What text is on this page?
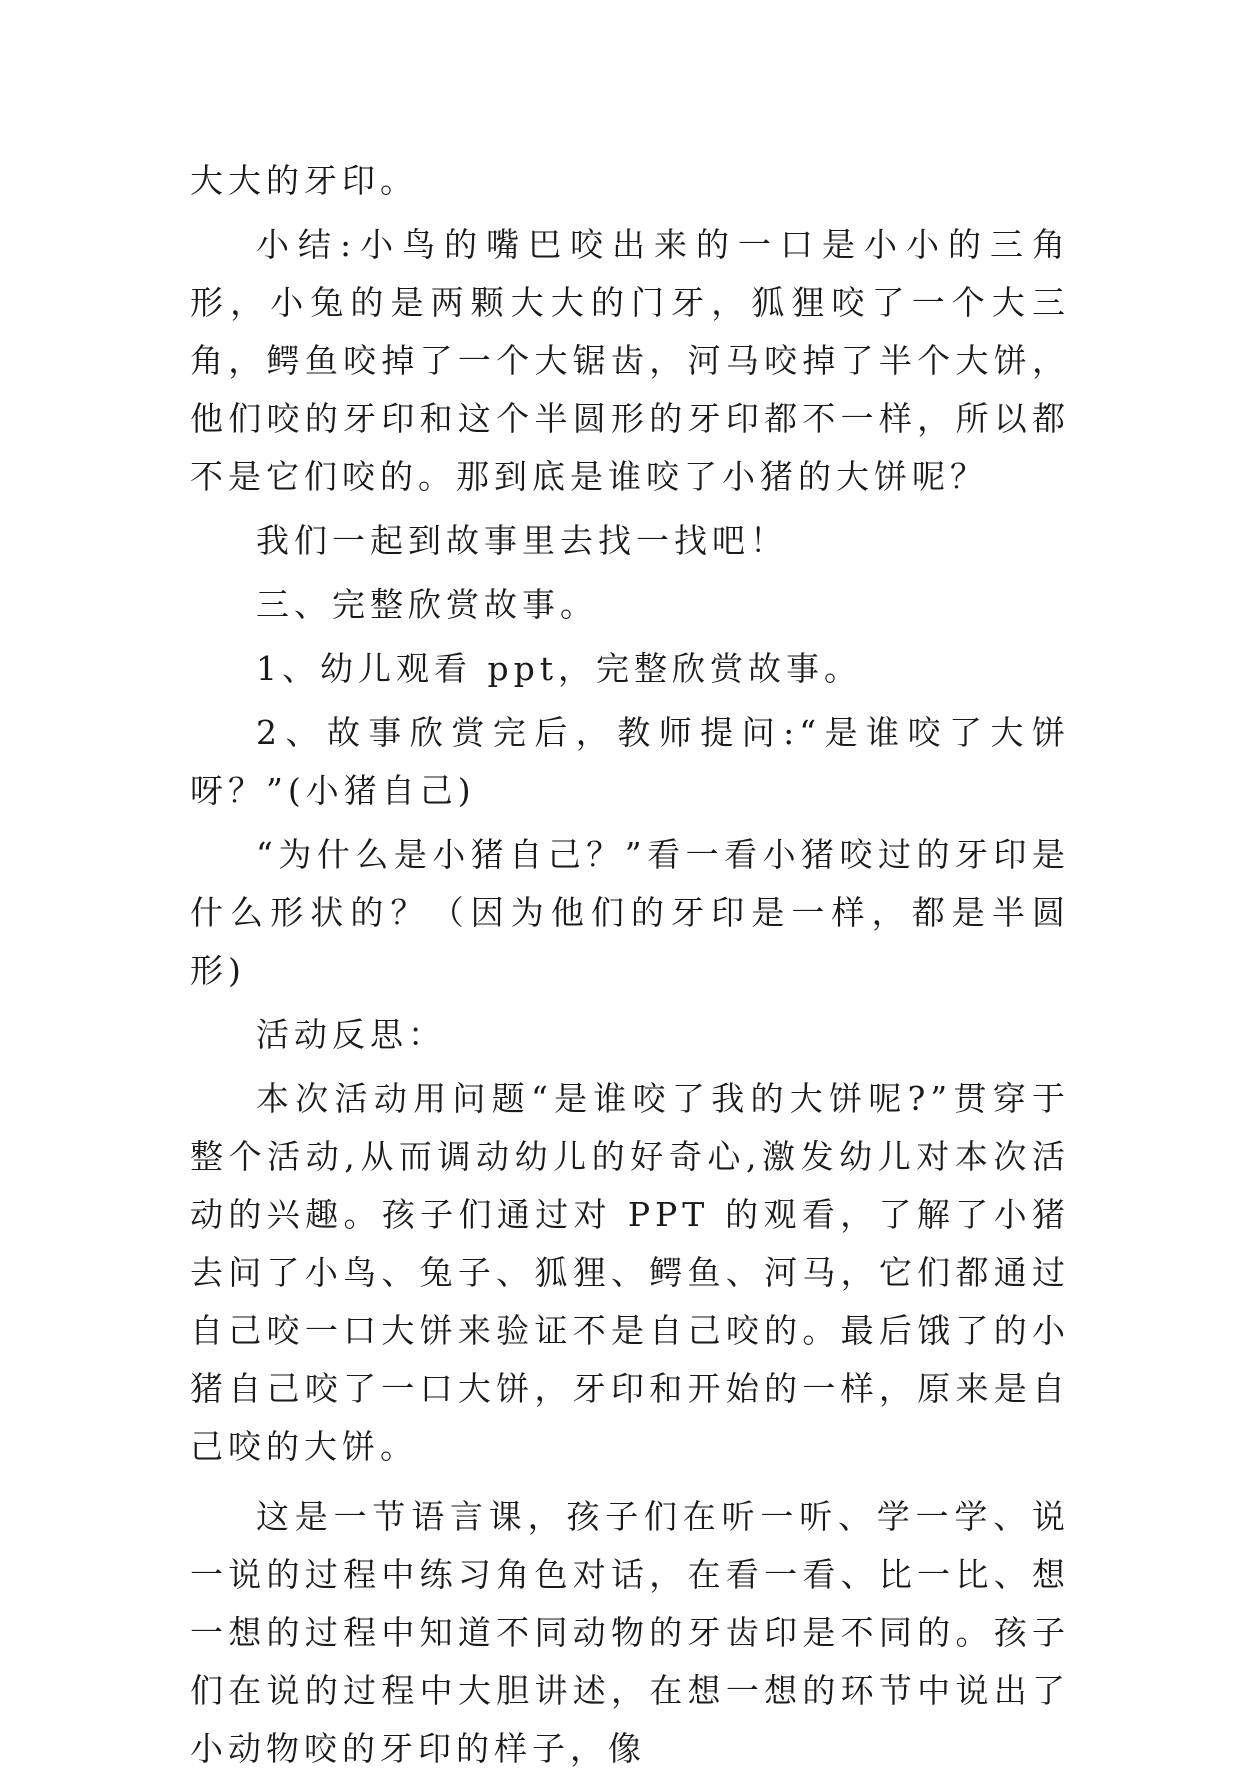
大大的牙印。

小结:小鸟的嘴巴咬出来的一口是小小的三角形，小兔的是两颗大大的门牙，狐狸咬了一个大三角，鳄鱼咬掉了一个大锯齿，河马咬掉了半个大饼，他们咬的牙印和这个半圆形的牙印都不一样，所以都不是它们咬的。那到底是谁咬了小猪的大饼呢？

我们一起到故事里去找一找吧！

三、完整欣赏故事。

1、幼儿观看 ppt，完整欣赏故事。

2、故事欣赏完后，教师提问:“是谁咬了大饼呀？”(小猪自己)

“为什么是小猪自己？”看一看小猪咬过的牙印是什么形状的？（因为他们的牙印是一样，都是半圆形)

活动反思：

本次活动用问题“是谁咬了我的大饼呢?”贯穿于整个活动,从而调动幼儿的好奇心,激发幼儿对本次活动的兴趣。孩子们通过对 PPT 的观看，了解了小猪去问了小鸟、兔子、狐狸、鳄鱼、河马，它们都通过自己咬一口大饼来验证不是自己咬的。最后饿了的小猪自己咬了一口大饼，牙印和开始的一样，原来是自己咬的大饼。

这是一节语言课，孩子们在听一听、学一学、说一说的过程中练习角色对话，在看一看、比一比、想一想的过程中知道不同动物的牙齿印是不同的。孩子们在说的过程中大胆讲述，在想一想的环节中说出了小动物咬的牙印的样子，像
